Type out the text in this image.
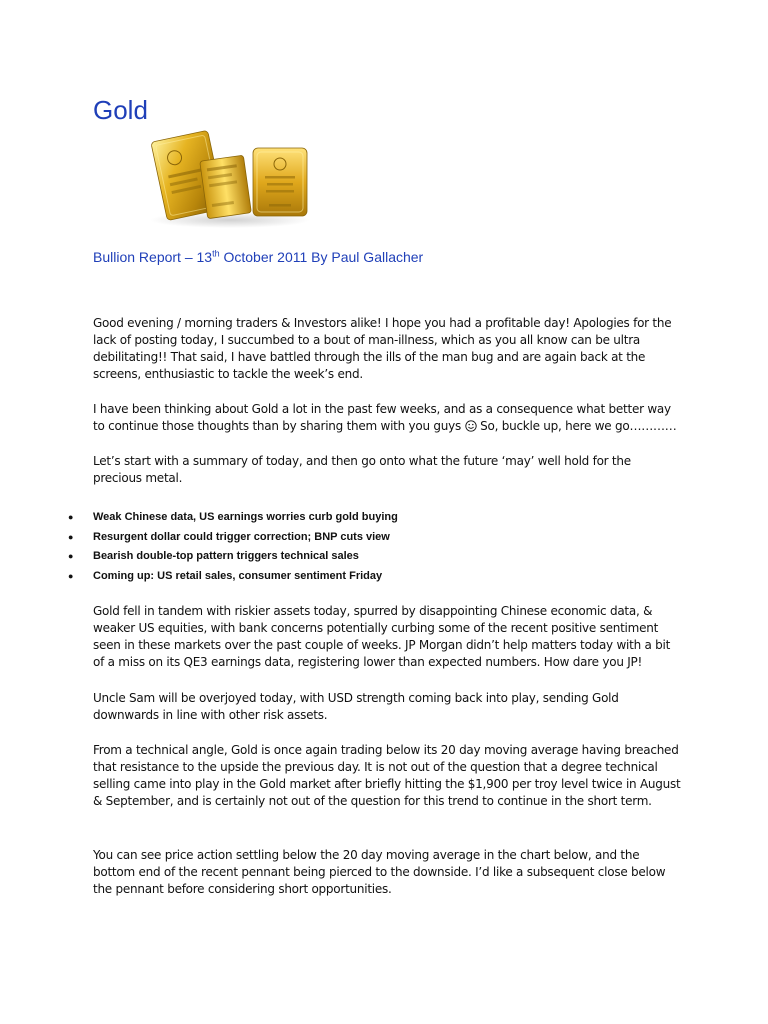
Gold
Bullion Report – 13th October 2011 By Paul Gallacher
Good evening / morning traders & Investors alike! I hope you had a profitable day! Apologies for the lack of posting today, I succumbed to a bout of man-illness, which as you all know can be ultra debilitating!! That said, I have battled through the ills of the man bug and are again back at the screens, enthusiastic to tackle the week’s end.
I have been thinking about Gold a lot in the past few weeks, and as a consequence what better way to continue those thoughts than by sharing them with you guys  So, buckle up, here we go…………
Let’s start with a summary of today, and then go onto what the future ‘may’ well hold for the precious metal.
● Weak Chinese data, US earnings worries curb gold buying
● Resurgent dollar could trigger correction; BNP cuts view
● Bearish double-top pattern triggers technical sales
● Coming up: US retail sales, consumer sentiment Friday
Gold fell in tandem with riskier assets today, spurred by disappointing Chinese economic data, & weaker US equities, with bank concerns potentially curbing some of the recent positive sentiment seen in these markets over the past couple of weeks. JP Morgan didn’t help matters today with a bit of a miss on its QE3 earnings data, registering lower than expected numbers. How dare you JP!
Uncle Sam will be overjoyed today, with USD strength coming back into play, sending Gold downwards in line with other risk assets.
From a technical angle, Gold is once again trading below its 20 day moving average having breached that resistance to the upside the previous day. It is not out of the question that a degree technical selling came into play in the Gold market after briefly hitting the $1,900 per troy level twice in August & September, and is certainly not out of the question for this trend to continue in the short term.
You can see price action settling below the 20 day moving average in the chart below, and the bottom end of the recent pennant being pierced to the downside. I’d like a subsequent close below the pennant before considering short opportunities.
